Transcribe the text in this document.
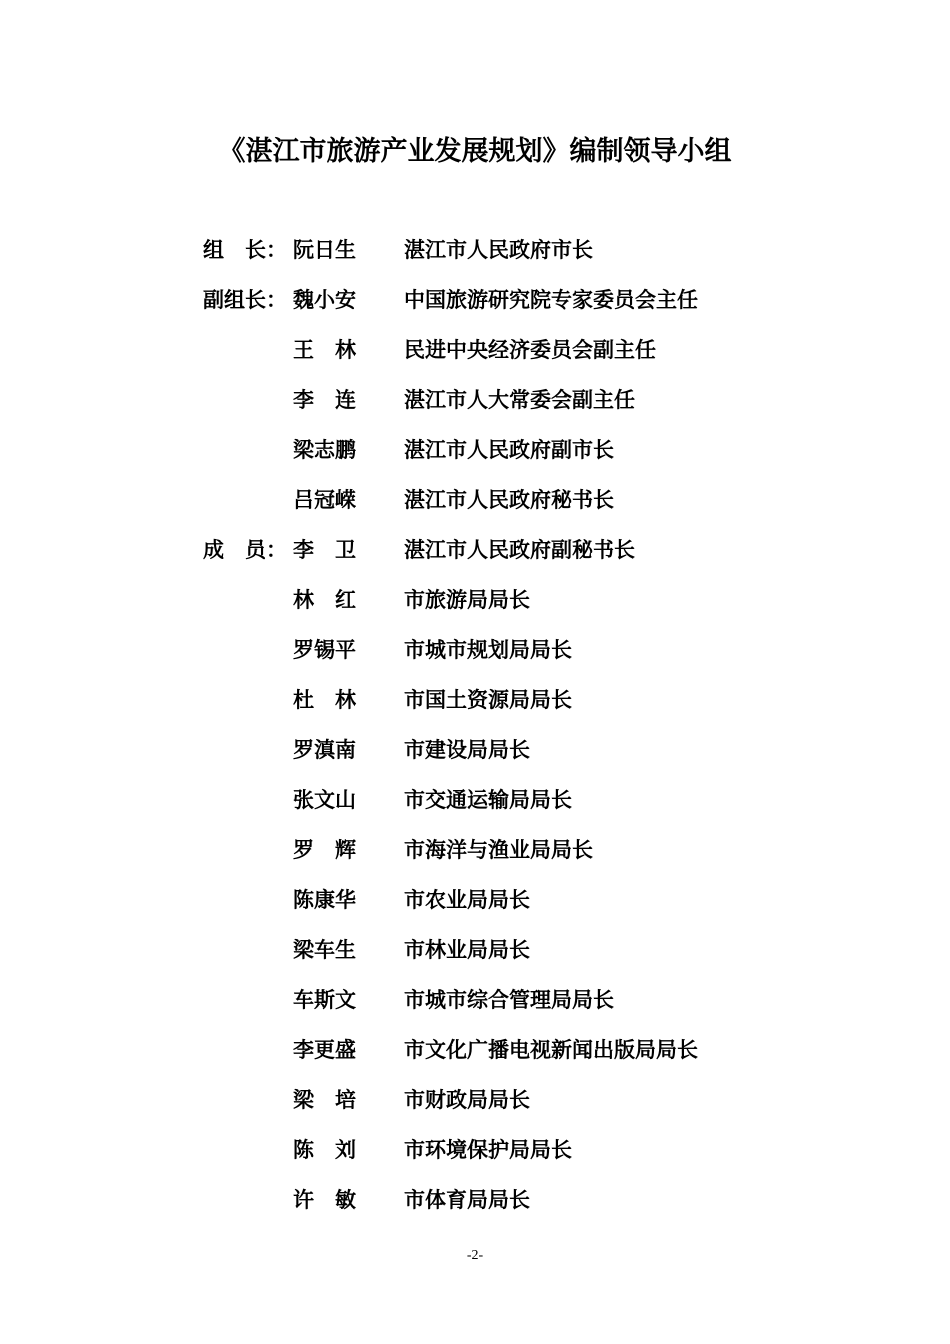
《湛江市旅游产业发展规划》编制领导小组
组　长： 阮日生 湛江市人民政府市长
副组长： 魏小安 中国旅游研究院专家委员会主任
王　林 民进中央经济委员会副主任
李　连 湛江市人大常委会副主任
梁志鹏 湛江市人民政府副市长
吕冠嵘 湛江市人民政府秘书长
成　员： 李　卫 湛江市人民政府副秘书长
林　红 市旅游局局长
罗锡平 市城市规划局局长
杜　林 市国土资源局局长
罗滇南 市建设局局长
张文山 市交通运输局局长
罗　辉 市海洋与渔业局局长
陈康华 市农业局局长
梁车生 市林业局局长
车斯文 市城市综合管理局局长
李更盛 市文化广播电视新闻出版局局长
梁　培 市财政局局长
陈　刘 市环境保护局局长
许　敏 市体育局局长
-2-
